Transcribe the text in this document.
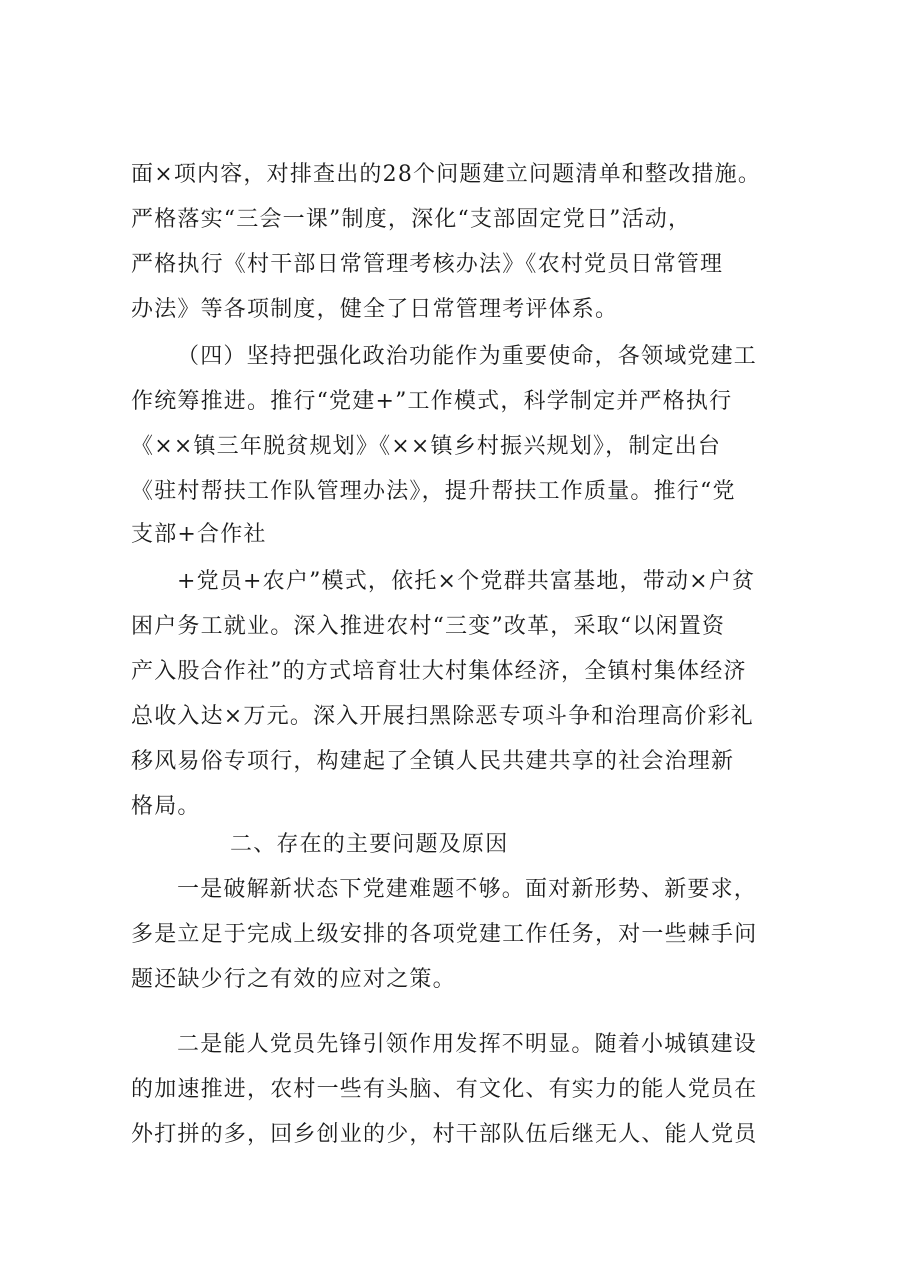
面×项内容，对排查出的28个问题建立问题清单和整改措施。
严格落实“三会一课”制度，深化“支部固定党日”活动，
严格执行《村干部日常管理考核办法》《农村党员日常管理
办法》等各项制度，健全了日常管理考评体系。
（四）坚持把强化政治功能作为重要使命，各领域党建工
作统筹推进。推行“党建+”工作模式，科学制定并严格执行
《××镇三年脱贫规划》《××镇乡村振兴规划》，制定出台
《驻村帮扶工作队管理办法》，提升帮扶工作质量。推行“党
支部+合作社
+党员+农户”模式，依托×个党群共富基地，带动×户贫
困户务工就业。深入推进农村“三变”改革，采取“以闲置资
产入股合作社”的方式培育壮大村集体经济，全镇村集体经济
总收入达×万元。深入开展扫黑除恶专项斗争和治理高价彩礼
移风易俗专项行，构建起了全镇人民共建共享的社会治理新
格局。
二、存在的主要问题及原因
一是破解新状态下党建难题不够。面对新形势、新要求，
多是立足于完成上级安排的各项党建工作任务，对一些棘手问
题还缺少行之有效的应对之策。
二是能人党员先锋引领作用发挥不明显。随着小城镇建设
的加速推进，农村一些有头脑、有文化、有实力的能人党员在
外打拼的多，回乡创业的少，村干部队伍后继无人、能人党员
